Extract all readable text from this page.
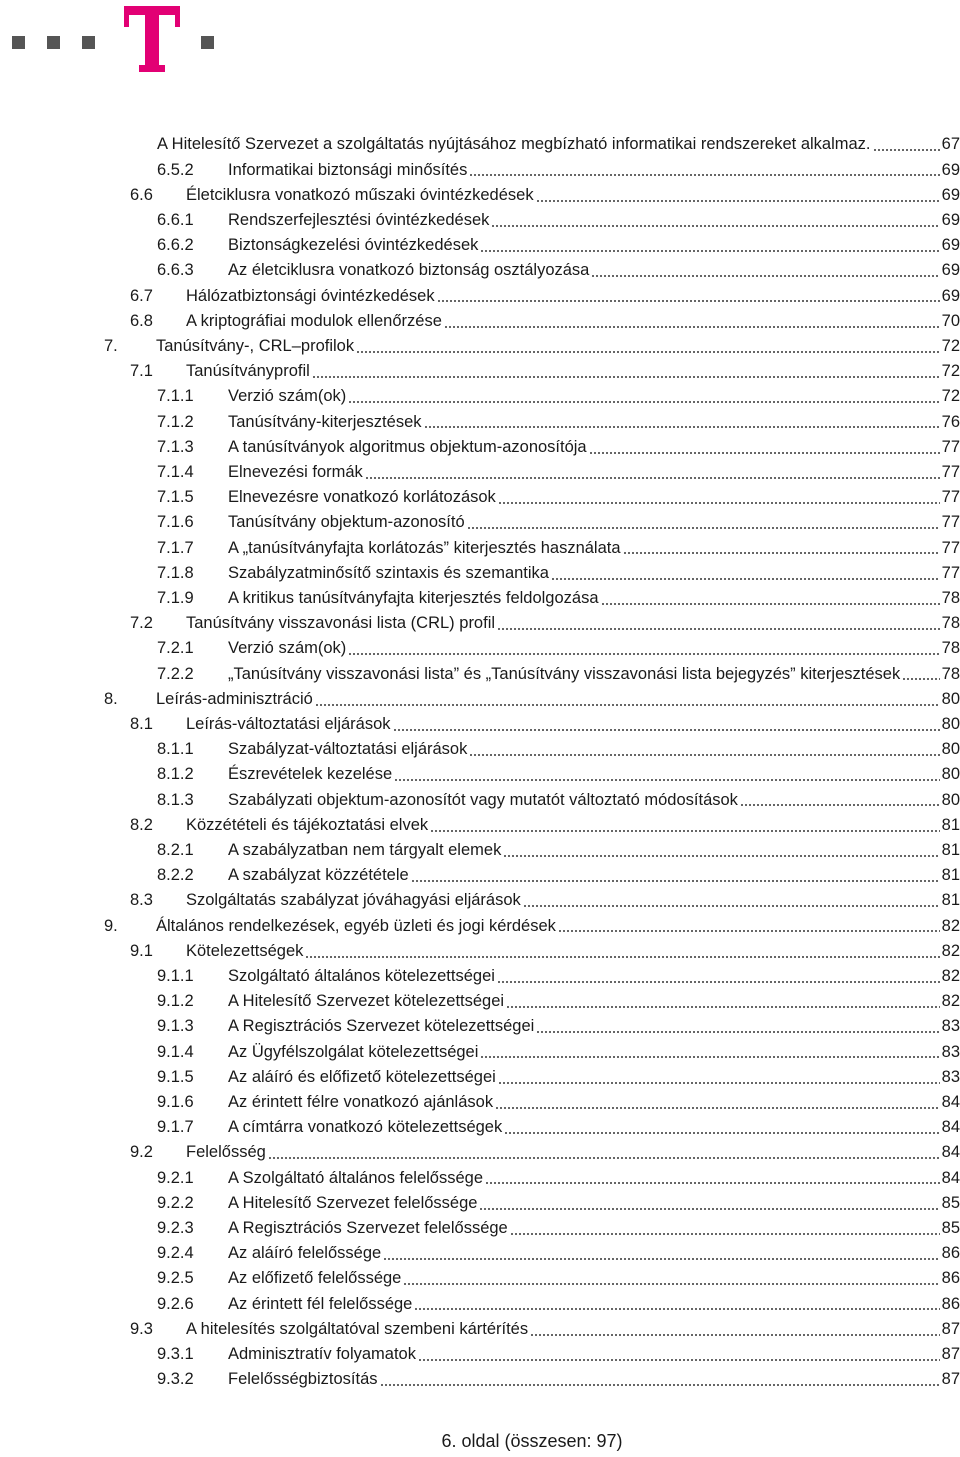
A Hitelesítő Szervezet a szolgáltatás nyújtásához megbízható informatikai rendszereket alkalmaz.	67
6.5.2 Informatikai biztonsági minősítés	69
6.6 Életciklusra vonatkozó műszaki óvintézkedések	69
6.6.1 Rendszerfejlesztési óvintézkedések	69
6.6.2 Biztonságkezelési óvintézkedések	69
6.6.3 Az életciklusra vonatkozó biztonság osztályozása	69
6.7 Hálózatbiztonsági óvintézkedések	69
6.8 A kriptográfiai modulok ellenőrzése	70
7. Tanúsítvány-, CRL–profilok	72
7.1 Tanúsítványprofil	72
7.1.1 Verzió szám(ok)	72
7.1.2 Tanúsítvány-kiterjesztések	76
7.1.3 A tanúsítványok algoritmus objektum-azonosítója	77
7.1.4 Elnevezési formák	77
7.1.5 Elnevezésre vonatkozó korlátozások	77
7.1.6 Tanúsítvány objektum-azonosító	77
7.1.7 A „tanúsítványfajta korlátozás” kiterjesztés használata	77
7.1.8 Szabályzatminősítő szintaxis és szemantika	77
7.1.9 A kritikus tanúsítványfajta kiterjesztés feldolgozása	78
7.2 Tanúsítvány visszavonási lista (CRL) profil	78
7.2.1 Verzió szám(ok)	78
7.2.2 „Tanúsítvány visszavonási lista” és „Tanúsítvány visszavonási lista bejegyzés” kiterjesztések	78
8. Leírás-adminisztráció	80
8.1 Leírás-változtatási eljárások	80
8.1.1 Szabályzat-változtatási eljárások	80
8.1.2 Észrevételek kezelése	80
8.1.3 Szabályzati objektum-azonosítót vagy mutatót változtató módosítások	80
8.2 Közzétételi és tájékoztatási elvek	81
8.2.1 A szabályzatban nem tárgyalt elemek	81
8.2.2 A szabályzat közzététele	81
8.3 Szolgáltatás szabályzat jóváhagyási eljárások	81
9. Általános rendelkezések, egyéb üzleti és jogi kérdések	82
9.1 Kötelezettségek	82
9.1.1 Szolgáltató általános kötelezettségei	82
9.1.2 A Hitelesítő Szervezet kötelezettségei	82
9.1.3 A Regisztrációs Szervezet kötelezettségei	83
9.1.4 Az Ügyfélszolgálat kötelezettségei	83
9.1.5 Az aláíró és előfizető kötelezettségei	83
9.1.6 Az érintett félre vonatkozó ajánlások	84
9.1.7 A címtárra vonatkozó kötelezettségek	84
9.2 Felelősség	84
9.2.1 A Szolgáltató általános felelőssége	84
9.2.2 A Hitelesítő Szervezet felelőssége	85
9.2.3 A Regisztrációs Szervezet felelőssége	85
9.2.4 Az aláíró felelőssége	86
9.2.5 Az előfizető felelőssége	86
9.2.6 Az érintett fél felelőssége	86
9.3 A hitelesítés szolgáltatóval szembeni kártérítés	87
9.3.1 Adminisztratív folyamatok	87
9.3.2 Felelősségbiztosítás	87
6. oldal (összesen: 97)
